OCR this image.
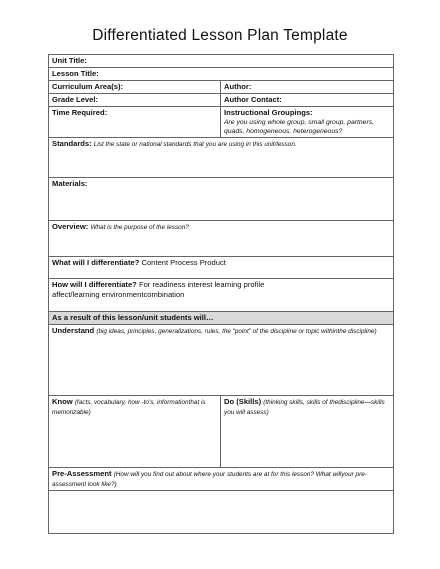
Differentiated Lesson Plan Template
Unit Title:	
Lesson Title:	
Curriculum Area(s):	Author:
Grade Level:	Author Contact:
Time Required:	Instructional Groupings:
Are you using whole group, small group, partners, quads, homogeneous, heterogeneous?

Standards: List the state or national standards that you are using in this unit/lesson.	
Materials:	
Overview: What is the purpose of the lesson?	
What will I differentiate? Content Process Product	
How will I differentiate? For readiness interest learning profile
affect/learning environmentcombination	
As a result of this lesson/unit students will…	
Understand (big ideas, principles, generalizations, rules, the “point” of the discipline or topic withinthe discipline)	
Know (facts, vocabulary, how -to’s, informationthat is memorizable)	Do (Skills) (thinking skills, skills of thediscipline—skills you will assess)
Pre-Assessment (How will you find out about where your students are at for this lesson? What willyour pre-assessment look like?)	
